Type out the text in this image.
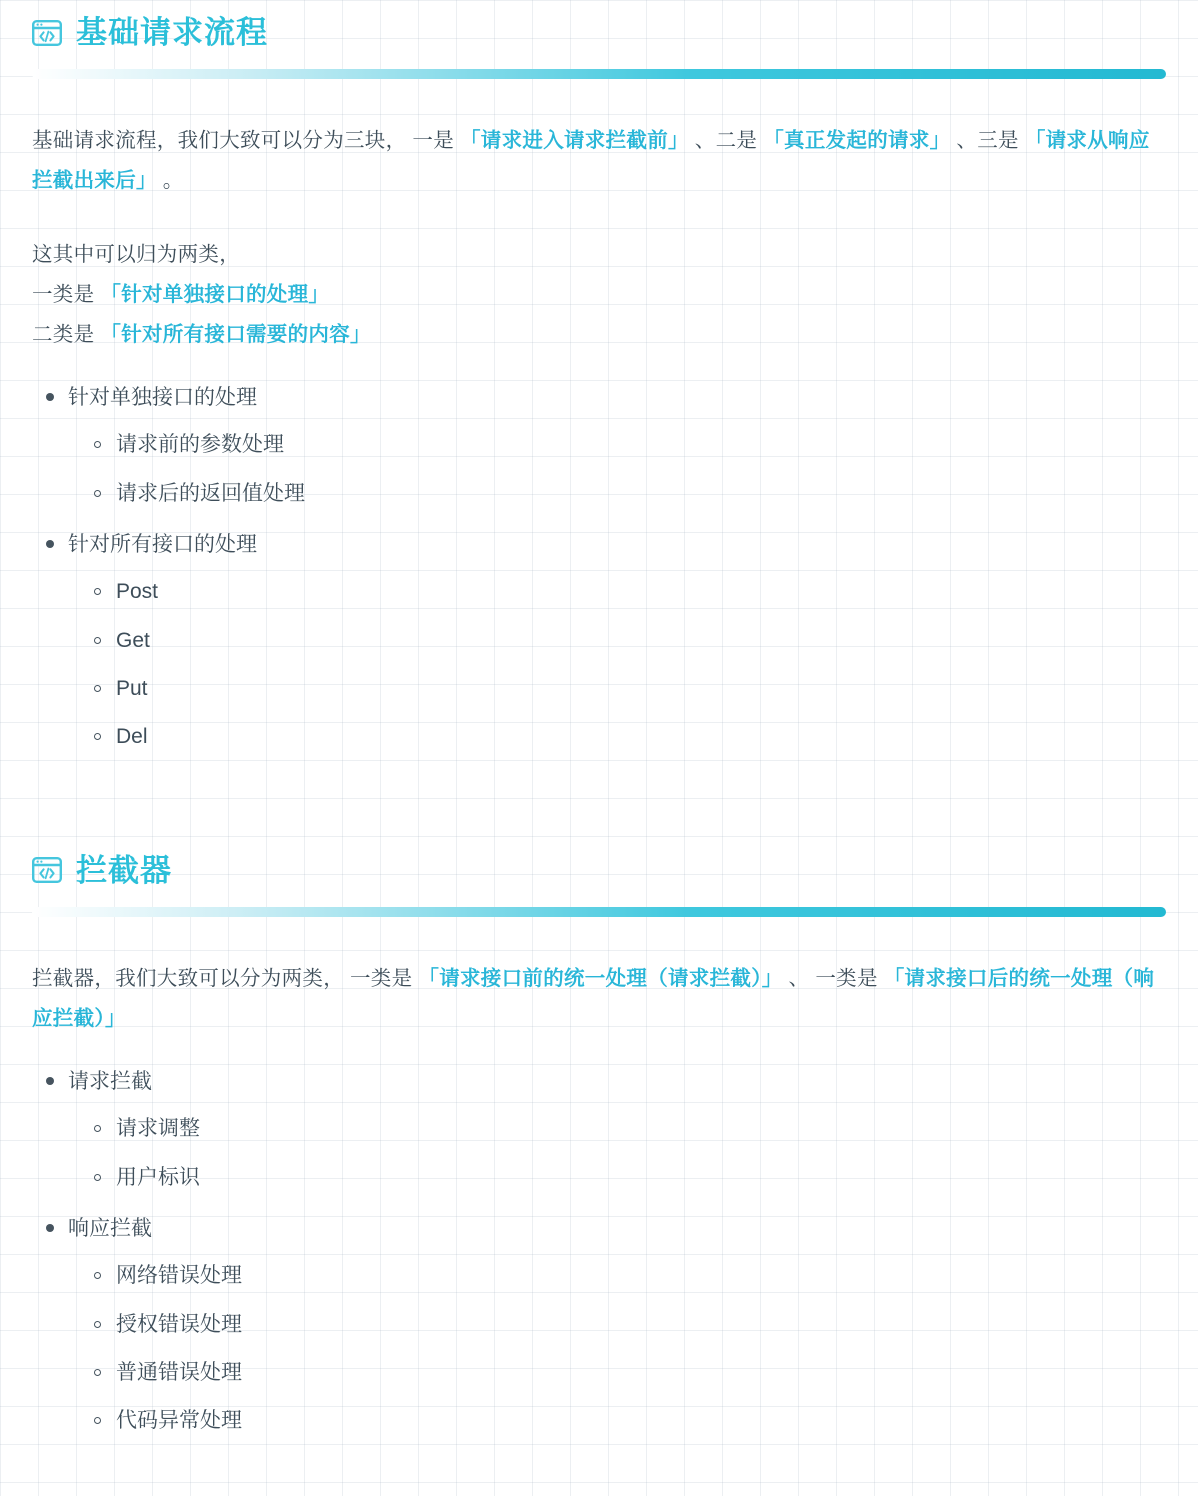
基础请求流程

基础请求流程，我们大致可以分为三块， 一是 「请求进入请求拦截前」 、二是 「真正发起的请求」 、三是 「请求从响应拦截出来后」 。

这其中可以归为两类，

一类是 「针对单独接口的处理」

二类是 「针对所有接口需要的内容」

针对单独接口的处理
请求前的参数处理
请求后的返回值处理
针对所有接口的处理
Post
Get
Put
Del
拦截器

拦截器，我们大致可以分为两类， 一类是 「请求接口前的统一处理（请求拦截）」 、 一类是 「请求接口后的统一处理（响应拦截）」

请求拦截
请求调整
用户标识
响应拦截
网络错误处理
授权错误处理
普通错误处理
代码异常处理
